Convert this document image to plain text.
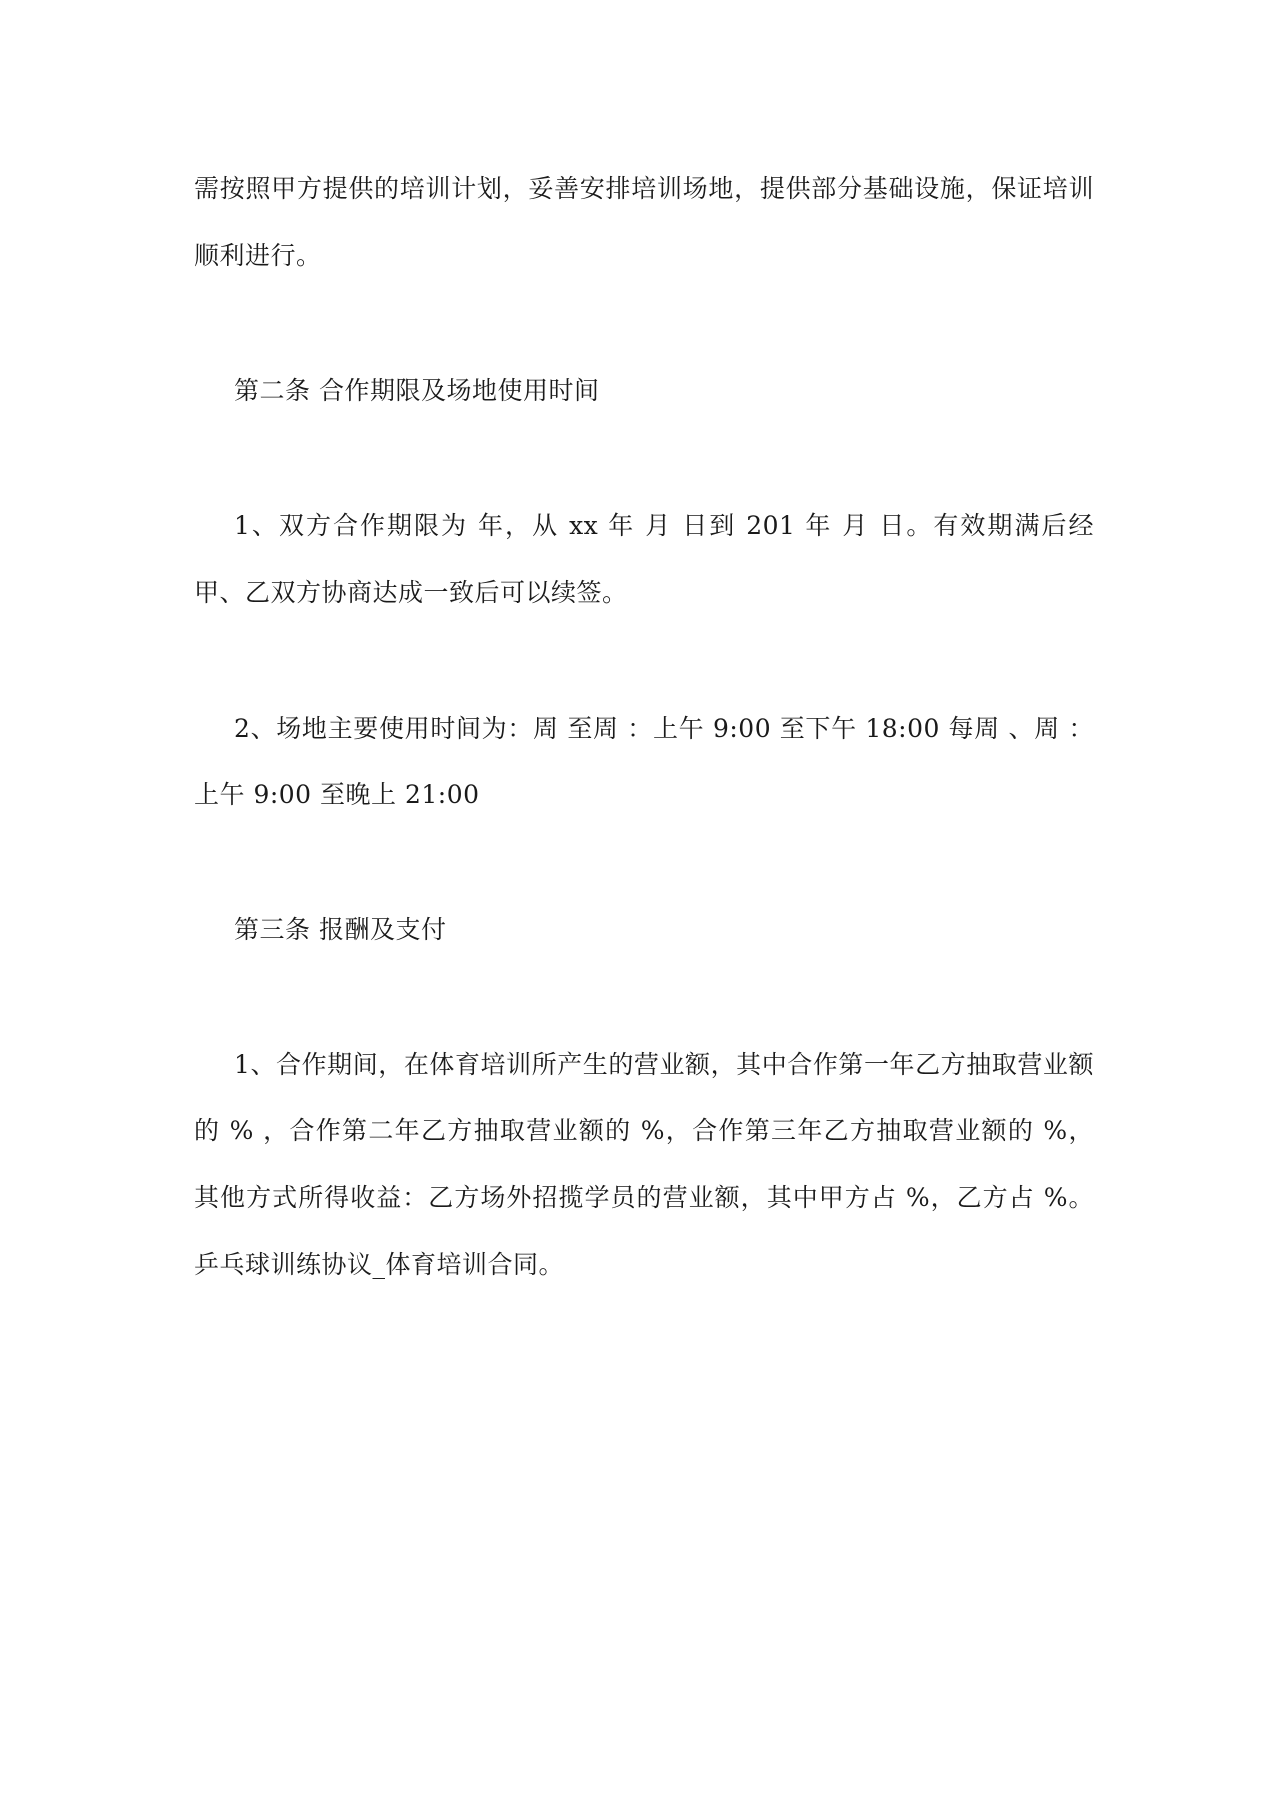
需按照甲方提供的培训计划，妥善安排培训场地，提供部分基础设施，保证培训
顺利进行。
第二条 合作期限及场地使用时间
1、双方合作期限为 年，从 xx 年 月 日到 201 年 月 日。有效期满后经
甲、乙双方协商达成一致后可以续签。
2、场地主要使用时间为：周 至周 ：上午 9:00 至下午 18:00 每周 、周 ：
上午 9:00 至晚上 21:00
第三条 报酬及支付
1、合作期间，在体育培训所产生的营业额，其中合作第一年乙方抽取营业额
的 % ，合作第二年乙方抽取营业额的 %，合作第三年乙方抽取营业额的 %，
其他方式所得收益：乙方场外招揽学员的营业额，其中甲方占 %，乙方占 %。
乒乓球训练协议_体育培训合同。
